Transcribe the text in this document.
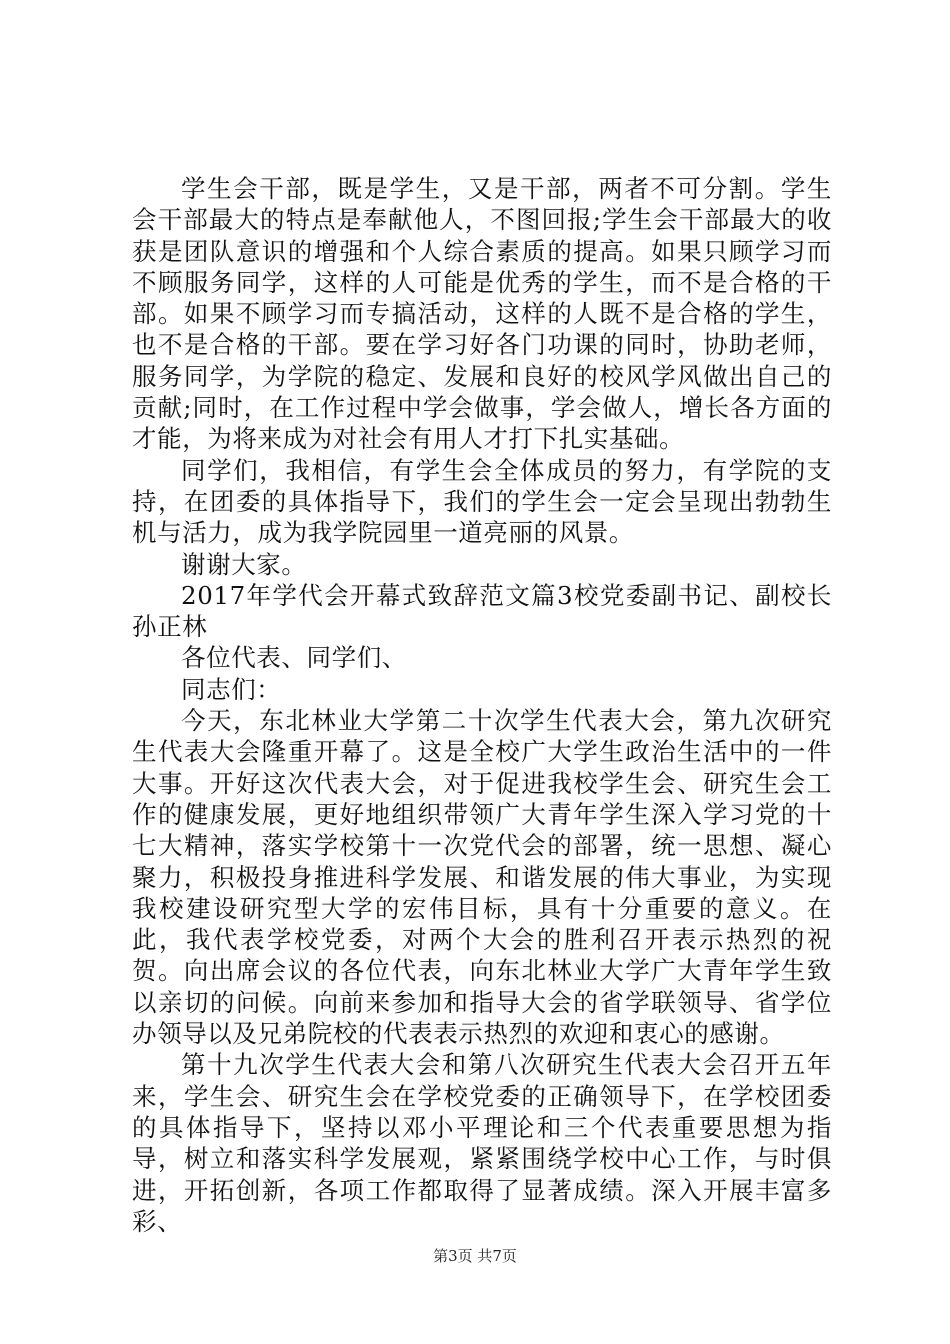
学生会干部，既是学生，又是干部，两者不可分割。学生会干部最大的特点是奉献他人，不图回报;学生会干部最大的收获是团队意识的增强和个人综合素质的提高。如果只顾学习而不顾服务同学，这样的人可能是优秀的学生，而不是合格的干部。如果不顾学习而专搞活动，这样的人既不是合格的学生，也不是合格的干部。要在学习好各门功课的同时，协助老师，服务同学，为学院的稳定、发展和良好的校风学风做出自己的贡献;同时，在工作过程中学会做事，学会做人，增长各方面的才能，为将来成为对社会有用人才打下扎实基础。

同学们，我相信，有学生会全体成员的努力，有学院的支持，在团委的具体指导下，我们的学生会一定会呈现出勃勃生机与活力，成为我学院园里一道亮丽的风景。

谢谢大家。

2017年学代会开幕式致辞范文篇3校党委副书记、副校长孙正林

各位代表、同学们、

同志们：

今天，东北林业大学第二十次学生代表大会，第九次研究生代表大会隆重开幕了。这是全校广大学生政治生活中的一件大事。开好这次代表大会，对于促进我校学生会、研究生会工作的健康发展，更好地组织带领广大青年学生深入学习党的十七大精神，落实学校第十一次党代会的部署，统一思想、凝心聚力，积极投身推进科学发展、和谐发展的伟大事业，为实现我校建设研究型大学的宏伟目标，具有十分重要的意义。在此，我代表学校党委，对两个大会的胜利召开表示热烈的祝贺。向出席会议的各位代表，向东北林业大学广大青年学生致以亲切的问候。向前来参加和指导大会的省学联领导、省学位办领导以及兄弟院校的代表表示热烈的欢迎和衷心的感谢。

第十九次学生代表大会和第八次研究生代表大会召开五年来，学生会、研究生会在学校党委的正确领导下，在学校团委的具体指导下，坚持以邓小平理论和三个代表重要思想为指导，树立和落实科学发展观，紧紧围绕学校中心工作，与时俱进，开拓创新，各项工作都取得了显著成绩。深入开展丰富多彩、

第3页 共7页
